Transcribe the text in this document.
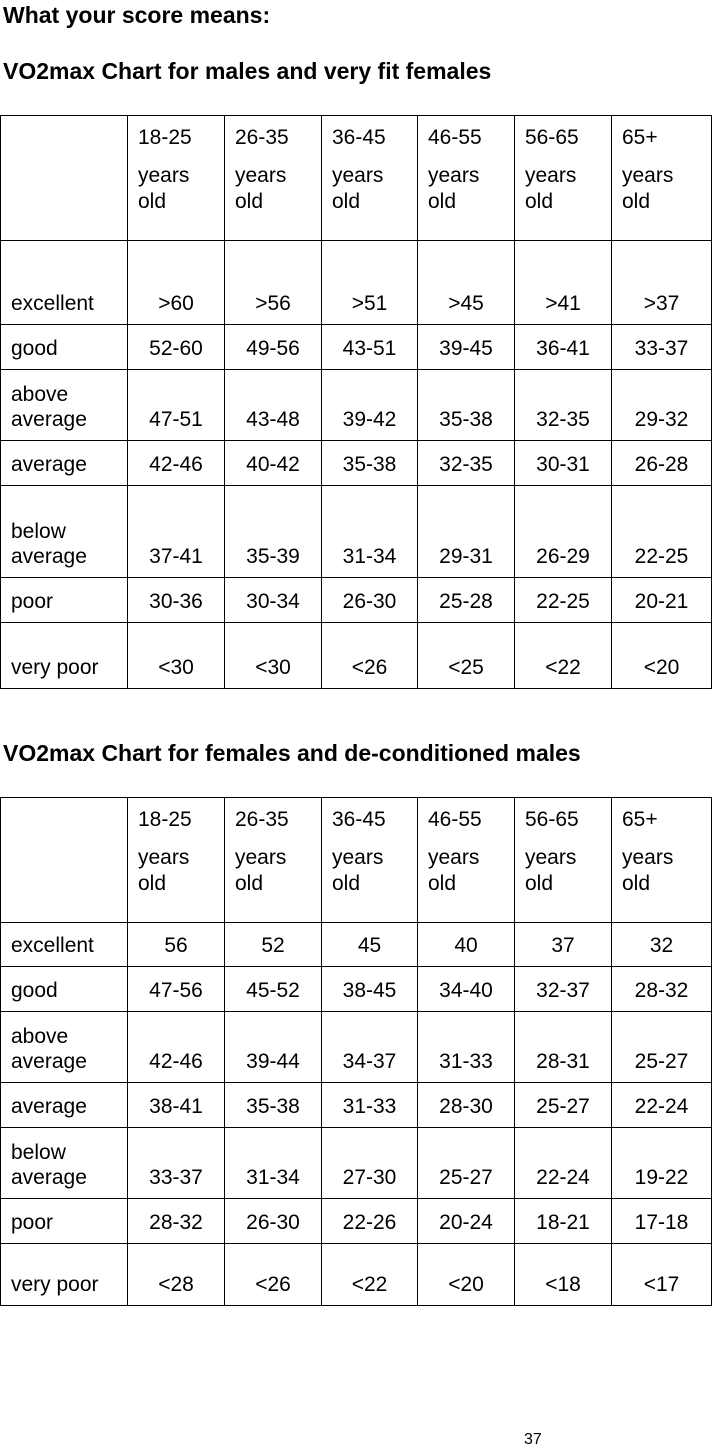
What your score means:
VO2max Chart for males and very fit females

	18-25
years old	26-35
years old	36-45
years old	46-55
years old	56-65
years old	65+
years old

excellent	>60	>56	>51	>45	>41	>37
good	52-60	49-56	43-51	39-45	36-41	33-37
above average	47-51	43-48	39-42	35-38	32-35	29-32
average	42-46	40-42	35-38	32-35	30-31	26-28
below average	37-41	35-39	31-34	29-31	26-29	22-25
poor	30-36	30-34	26-30	25-28	22-25	20-21
very poor	<30	<30	<26	<25	<22	<20
VO2max Chart for females and de-conditioned males

	18-25
years old	26-35
years old	36-45
years old	46-55
years old	56-65
years old	65+
years old

excellent	56	52	45	40	37	32
good	47-56	45-52	38-45	34-40	32-37	28-32
above average	42-46	39-44	34-37	31-33	28-31	25-27
average	38-41	35-38	31-33	28-30	25-27	22-24
below average	33-37	31-34	27-30	25-27	22-24	19-22
poor	28-32	26-30	22-26	20-24	18-21	17-18
very poor	<28	<26	<22	<20	<18	<17
37
